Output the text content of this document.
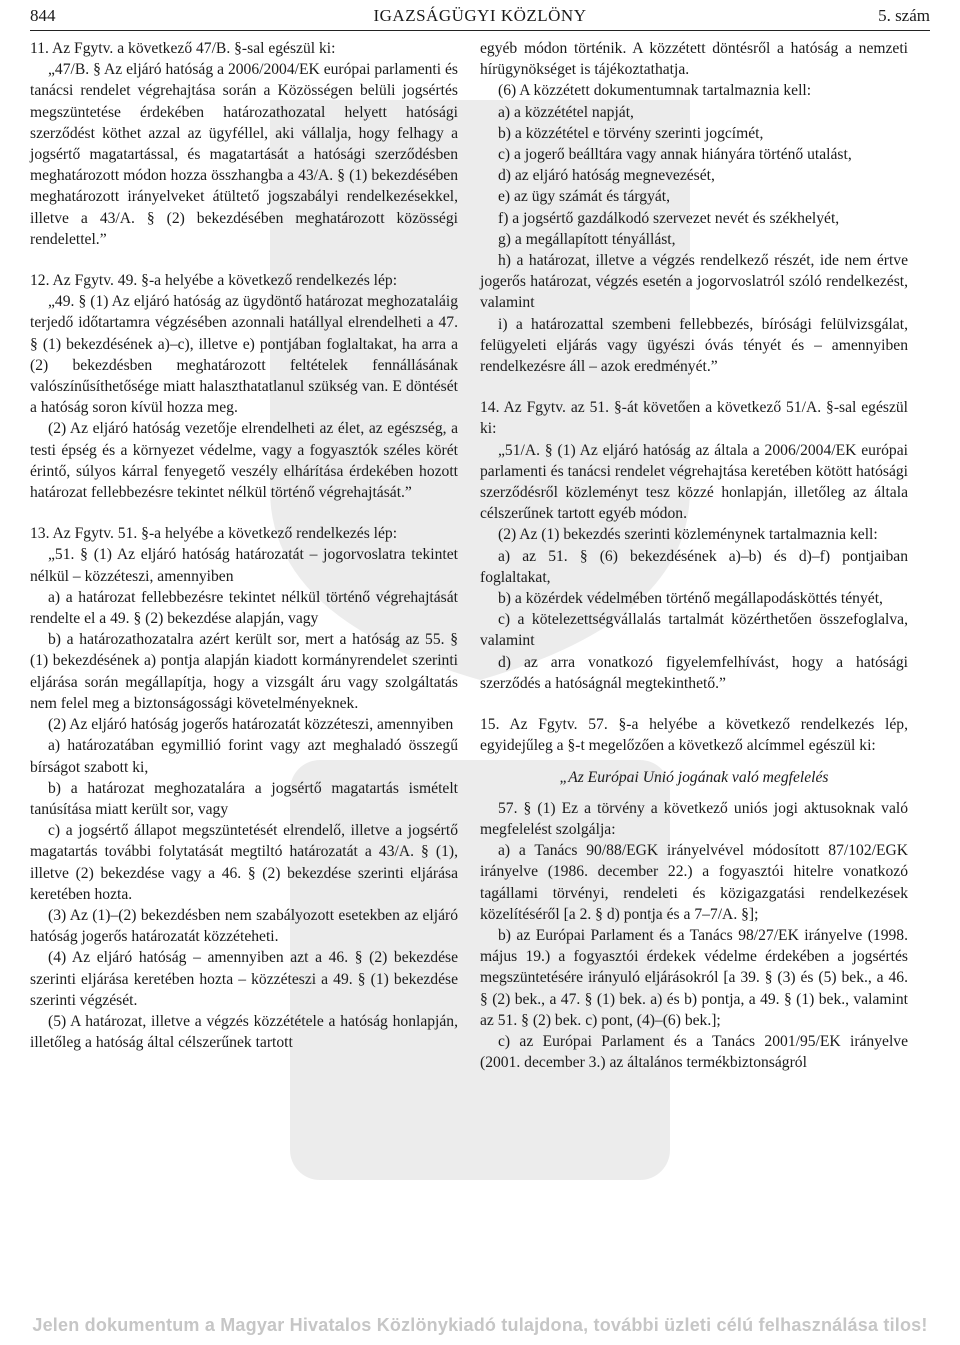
844	IGAZSÁGÜGYI KÖZLÖNY	5. szám

11. Az Fgytv. a következő 47/B. §-sal egészül ki:

„47/B. § Az eljáró hatóság a 2006/2004/EK európai parlamenti és tanácsi rendelet végrehajtása során a Közösségen belüli jogsértés megszüntetése érdekében határozathozatal helyett hatósági szerződést köthet azzal az ügyféllel, aki vállalja, hogy felhagy a jogsértő magatartással, és magatartását a hatósági szerződésben meghatározott módon hozza összhangba a 43/A. § (1) bekezdésében meghatározott irányelveket átültető jogszabályi rendelkezésekkel, illetve a 43/A. § (2) bekezdésében meghatározott közösségi rendelettel.”

12. Az Fgytv. 49. §-a helyébe a következő rendelkezés lép:

„49. § (1) Az eljáró hatóság az ügydöntő határozat meghozataláig terjedő időtartamra végzésében azonnali hatállyal elrendelheti a 47. § (1) bekezdésének a)–c), illetve e) pontjában foglaltakat, ha arra a (2) bekezdésben meghatározott feltételek fennállásának valószínűsíthetősége miatt halaszthatatlanul szükség van. E döntését a hatóság soron kívül hozza meg.

(2) Az eljáró hatóság vezetője elrendelheti az élet, az egészség, a testi épség és a környezet védelme, vagy a fogyasztók széles körét érintő, súlyos kárral fenyegető veszély elhárítása érdekében hozott határozat fellebbezésre tekintet nélkül történő végrehajtását.”

13. Az Fgytv. 51. §-a helyébe a következő rendelkezés lép:

„51. § (1) Az eljáró hatóság határozatát – jogorvoslatra tekintet nélkül – közzéteszi, amennyiben

a) a határozat fellebbezésre tekintet nélkül történő végrehajtását rendelte el a 49. § (2) bekezdése alapján, vagy

b) a határozathozatalra azért került sor, mert a hatóság az 55. § (1) bekezdésének a) pontja alapján kiadott kormányrendelet szerinti eljárása során megállapítja, hogy a vizsgált áru vagy szolgáltatás nem felel meg a biztonságossági követelményeknek.

(2) Az eljáró hatóság jogerős határozatát közzéteszi, amennyiben

a) határozatában egymillió forint vagy azt meghaladó összegű bírságot szabott ki,

b) a határozat meghozatalára a jogsértő magatartás ismételt tanúsítása miatt került sor, vagy

c) a jogsértő állapot megszüntetését elrendelő, illetve a jogsértő magatartás további folytatását megtiltó határozatát a 43/A. § (1), illetve (2) bekezdése vagy a 46. § (2) bekezdése szerinti eljárása keretében hozta.

(3) Az (1)–(2) bekezdésben nem szabályozott esetekben az eljáró hatóság jogerős határozatát közzéteheti.

(4) Az eljáró hatóság – amennyiben azt a 46. § (2) bekezdése szerinti eljárása keretében hozta – közzéteszi a 49. § (1) bekezdése szerinti végzését.

(5) A határozat, illetve a végzés közzététele a hatóság honlapján, illetőleg a hatóság által célszerűnek tartott

egyéb módon történik. A közzétett döntésről a hatóság a nemzeti hírügynökséget is tájékoztathatja.

(6) A közzétett dokumentumnak tartalmaznia kell:

a) a közzététel napját,

b) a közzététel e törvény szerinti jogcímét,

c) a jogerő beálltára vagy annak hiányára történő utalást,

d) az eljáró hatóság megnevezését,

e) az ügy számát és tárgyát,

f) a jogsértő gazdálkodó szervezet nevét és székhelyét,

g) a megállapított tényállást,

h) a határozat, illetve a végzés rendelkező részét, ide nem értve jogerős határozat, végzés esetén a jogorvoslatról szóló rendelkezést, valamint

i) a határozattal szembeni fellebbezés, bírósági felülvizsgálat, felügyeleti eljárás vagy ügyészi óvás tényét és – amennyiben rendelkezésre áll – azok eredményét.”

14. Az Fgytv. az 51. §-át követően a következő 51/A. §-sal egészül ki:

„51/A. § (1) Az eljáró hatóság az általa a 2006/2004/EK európai parlamenti és tanácsi rendelet végrehajtása keretében kötött hatósági szerződésről közleményt tesz közzé honlapján, illetőleg az általa célszerűnek tartott egyéb módon.

(2) Az (1) bekezdés szerinti közleménynek tartalmaznia kell:

a) az 51. § (6) bekezdésének a)–b) és d)–f) pontjaiban foglaltakat,

b) a közérdek védelmében történő megállapodásköttés tényét,

c) a kötelezettségvállalás tartalmát közérthetően összefoglalva, valamint

d) az arra vonatkozó figyelemfelhívást, hogy a hatósági szerződés a hatóságnál megtekinthető.”

15. Az Fgytv. 57. §-a helyébe a következő rendelkezés lép, egyidejűleg a §-t megelőzően a következő alcímmel egészül ki:

„Az Európai Unió jogának való megfelelés

57. § (1) Ez a törvény a következő uniós jogi aktusoknak való megfelelést szolgálja:

a) a Tanács 90/88/EGK irányelvével módosított 87/102/EGK irányelve (1986. december 22.) a fogyasztói hitelre vonatkozó tagállami törvényi, rendeleti és közigazgatási rendelkezések közelítéséről [a 2. § d) pontja és a 7–7/A. §];

b) az Európai Parlament és a Tanács 98/27/EK irányelve (1998. május 19.) a fogyasztói érdekek védelme érdekében a jogsértés megszüntetésére irányuló eljárásokról [a 39. § (3) és (5) bek., a 46. § (2) bek., a 47. § (1) bek. a) és b) pontja, a 49. § (1) bek., valamint az 51. § (2) bek. c) pont, (4)–(6) bek.];

c) az Európai Parlament és a Tanács 2001/95/EK irányelve (2001. december 3.) az általános termékbiztonságról

Jelen dokumentum a Magyar Hivatalos Közlönykiadó tulajdona, további üzleti célú felhasználása tilos!
